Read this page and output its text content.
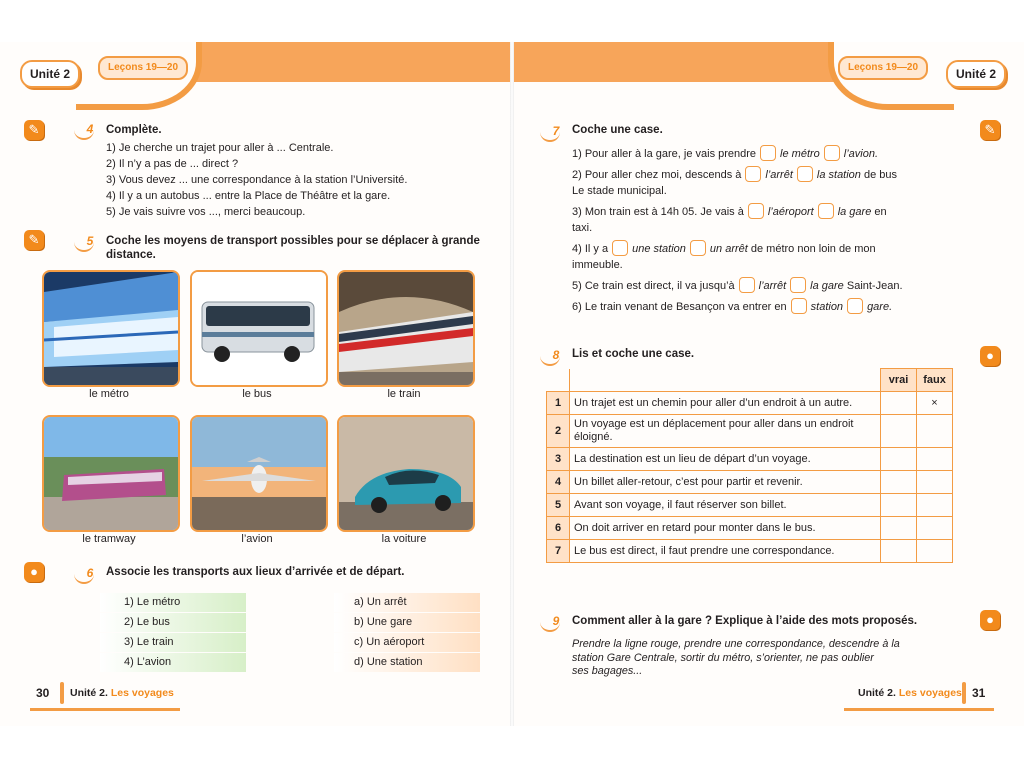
Unité 2	Leçons 19—20	Leçons 19—20	Unité 2
✎
✎
●
✎
●
●
4	Complète.
1) Je cherche un trajet pour aller à ... Centrale.
2) Il n’y a pas de ... direct ?
3) Vous devez ... une correspondance à la station l’Université.
4) Il y a un autobus ... entre la Place de Théâtre et la gare.
5) Je vais suivre vos ..., merci beaucoup.
5	Coche les moyens de transport possibles pour se déplacer à grande
distance.
le métro	le bus	le train
le tramway	l’avion	la voiture
6	Associe les transports aux lieux d’arrivée et de départ.
1) Le métro
2) Le bus
3) Le train
4) L’avion
a) Un arrêt
b) Une gare
c) Un aéroport
d) Une station
7	Coche une case.
1) Pour aller à la gare, je vais prendre le métro l’avion.
2) Pour aller chez moi, descends à l’arrêt la station de bus
Le stade municipal.
3) Mon train est à 14h 05. Je vais à l’aéroport la gare en
taxi.
4) Il y a une station un arrêt de métro non loin de mon
immeuble.
5) Ce train est direct, il va jusqu’à l’arrêt la gare Saint-Jean.
6) Le train venant de Besançon va entrer en station gare.
8	Lis et coche une case.
		vrai	faux
1	Un trajet est un chemin pour aller d’un endroit à un autre.		×
2	Un voyage est un déplacement pour aller dans un endroit
éloigné.		
3	La destination est un lieu de départ d’un voyage.		
4	Un billet aller-retour, c’est pour partir et revenir.		
5	Avant son voyage, il faut réserver son billet.		
6	On doit arriver en retard pour monter dans le bus.		
7	Le bus est direct, il faut prendre une correspondance.		
9	Comment aller à la gare ? Explique à l’aide des mots proposés.
Prendre la ligne rouge, prendre une correspondance, descendre à la
station Gare Centrale, sortir du métro, s’orienter, ne pas oublier
ses bagages...
30 Unité 2. Les voyages	Unité 2. Les voyages 31
